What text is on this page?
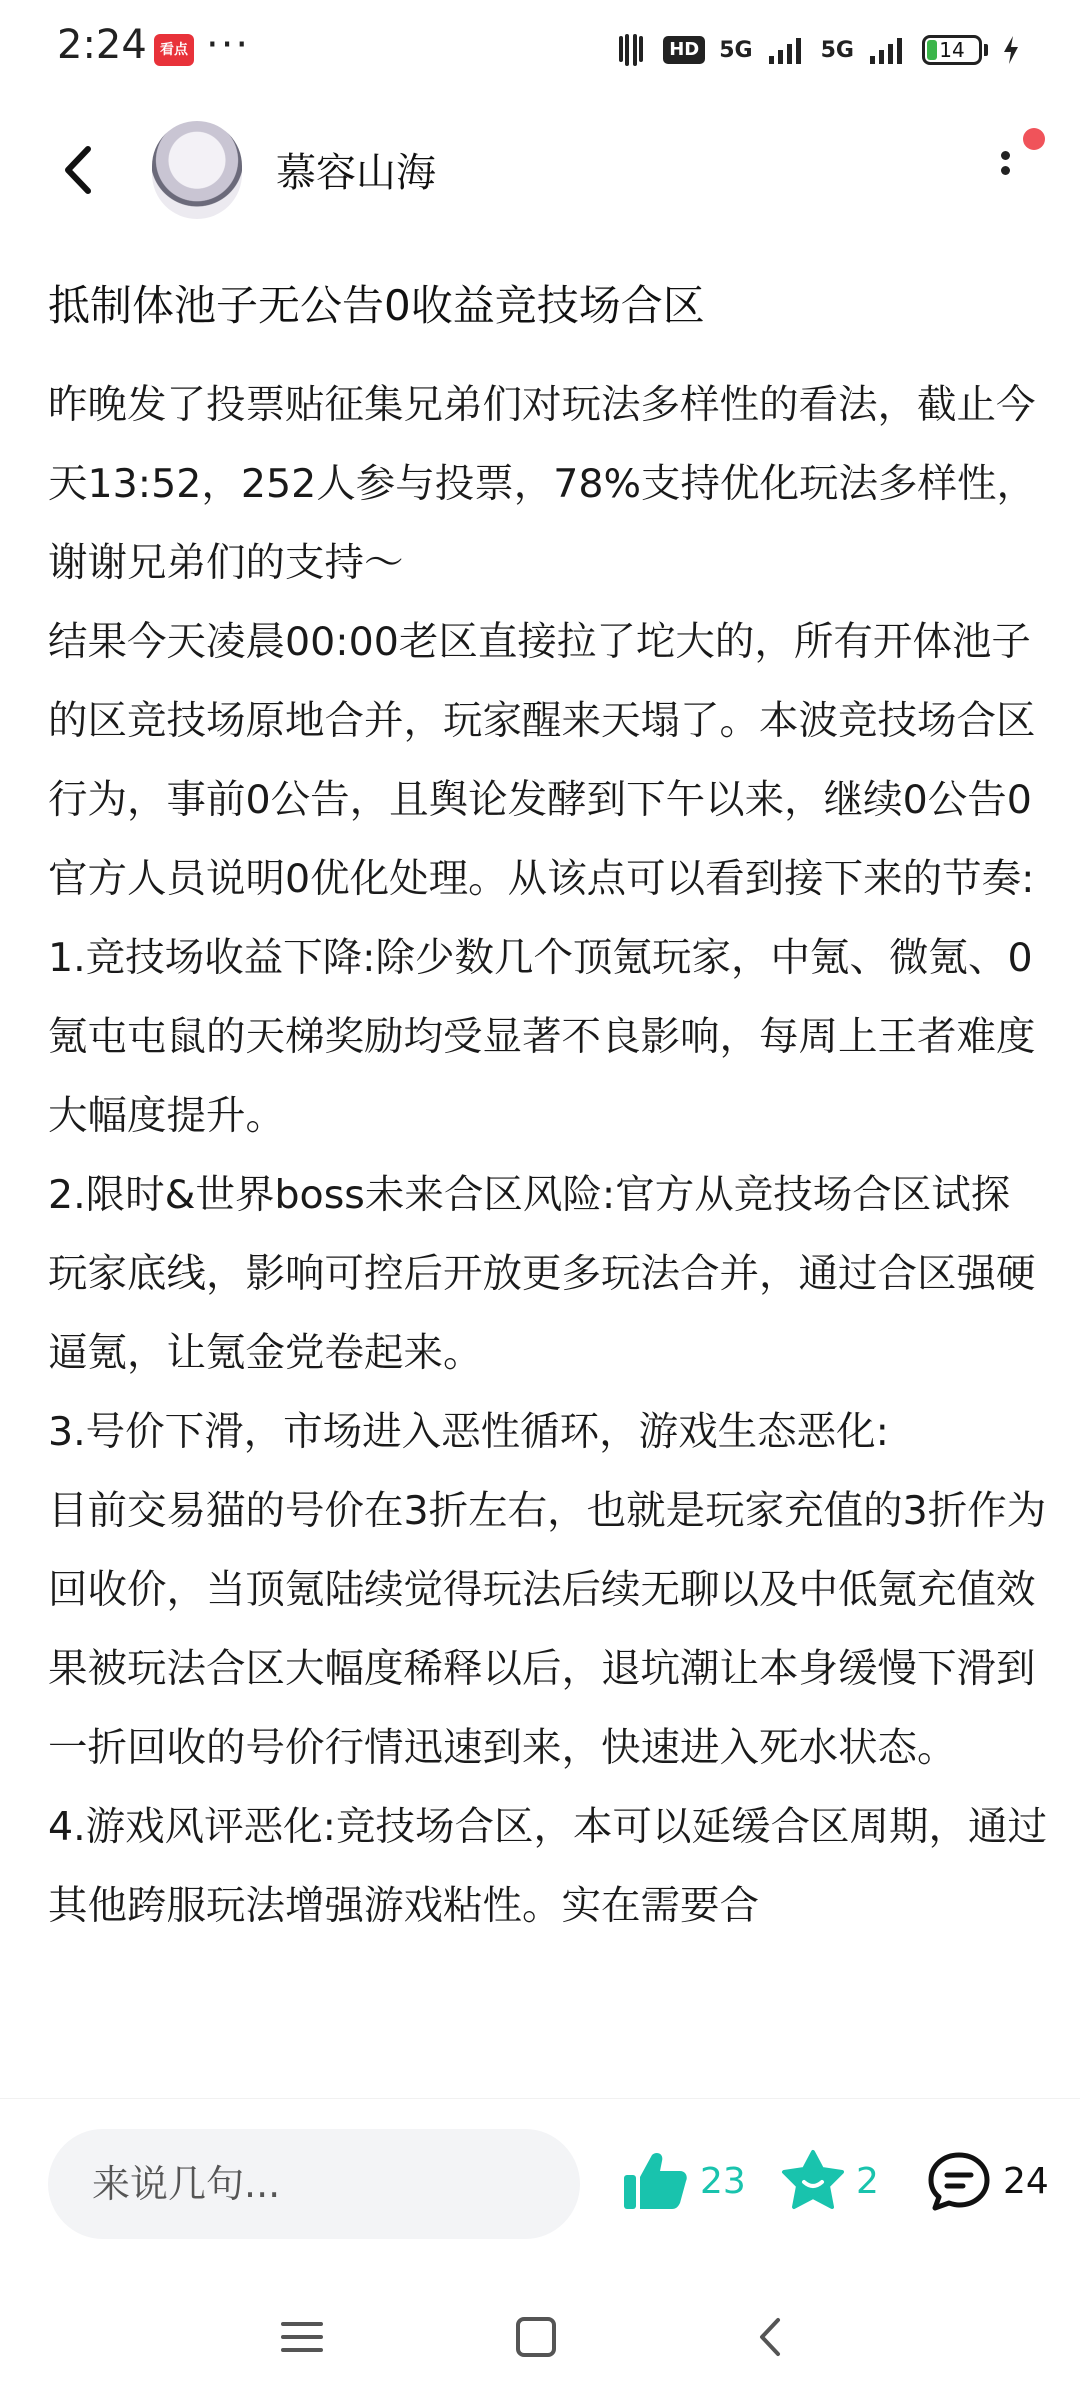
2:24 看点 ···	HD 5G	5G	14
慕容山海
抵制体池子无公告0收益竞技场合区

昨晚发了投票贴征集兄弟们对玩法多样性的看法，截止今天13:52，252人参与投票，78%支持优化玩法多样性，谢谢兄弟们的支持～

结果今天凌晨00:00老区直接拉了坨大的，所有开体池子的区竞技场原地合并，玩家醒来天塌了。本波竞技场合区行为，事前0公告，且舆论发酵到下午以来，继续0公告0官方人员说明0优化处理。从该点可以看到接下来的节奏:

1.竞技场收益下降:除少数几个顶氪玩家，中氪、微氪、0氪屯屯鼠的天梯奖励均受显著不良影响，每周上王者难度大幅度提升。

2.限时&世界boss未来合区风险:官方从竞技场合区试探玩家底线，影响可控后开放更多玩法合并，通过合区强硬逼氪，让氪金党卷起来。

3.号价下滑，市场进入恶性循环，游戏生态恶化:

目前交易猫的号价在3折左右，也就是玩家充值的3折作为回收价，当顶氪陆续觉得玩法后续无聊以及中低氪充值效果被玩法合区大幅度稀释以后，退坑潮让本身缓慢下滑到一折回收的号价行情迅速到来，快速进入死水状态。

4.游戏风评恶化:竞技场合区，本可以延缓合区周期，通过其他跨服玩法增强游戏粘性。实在需要合

来说几句...
23	2	24
